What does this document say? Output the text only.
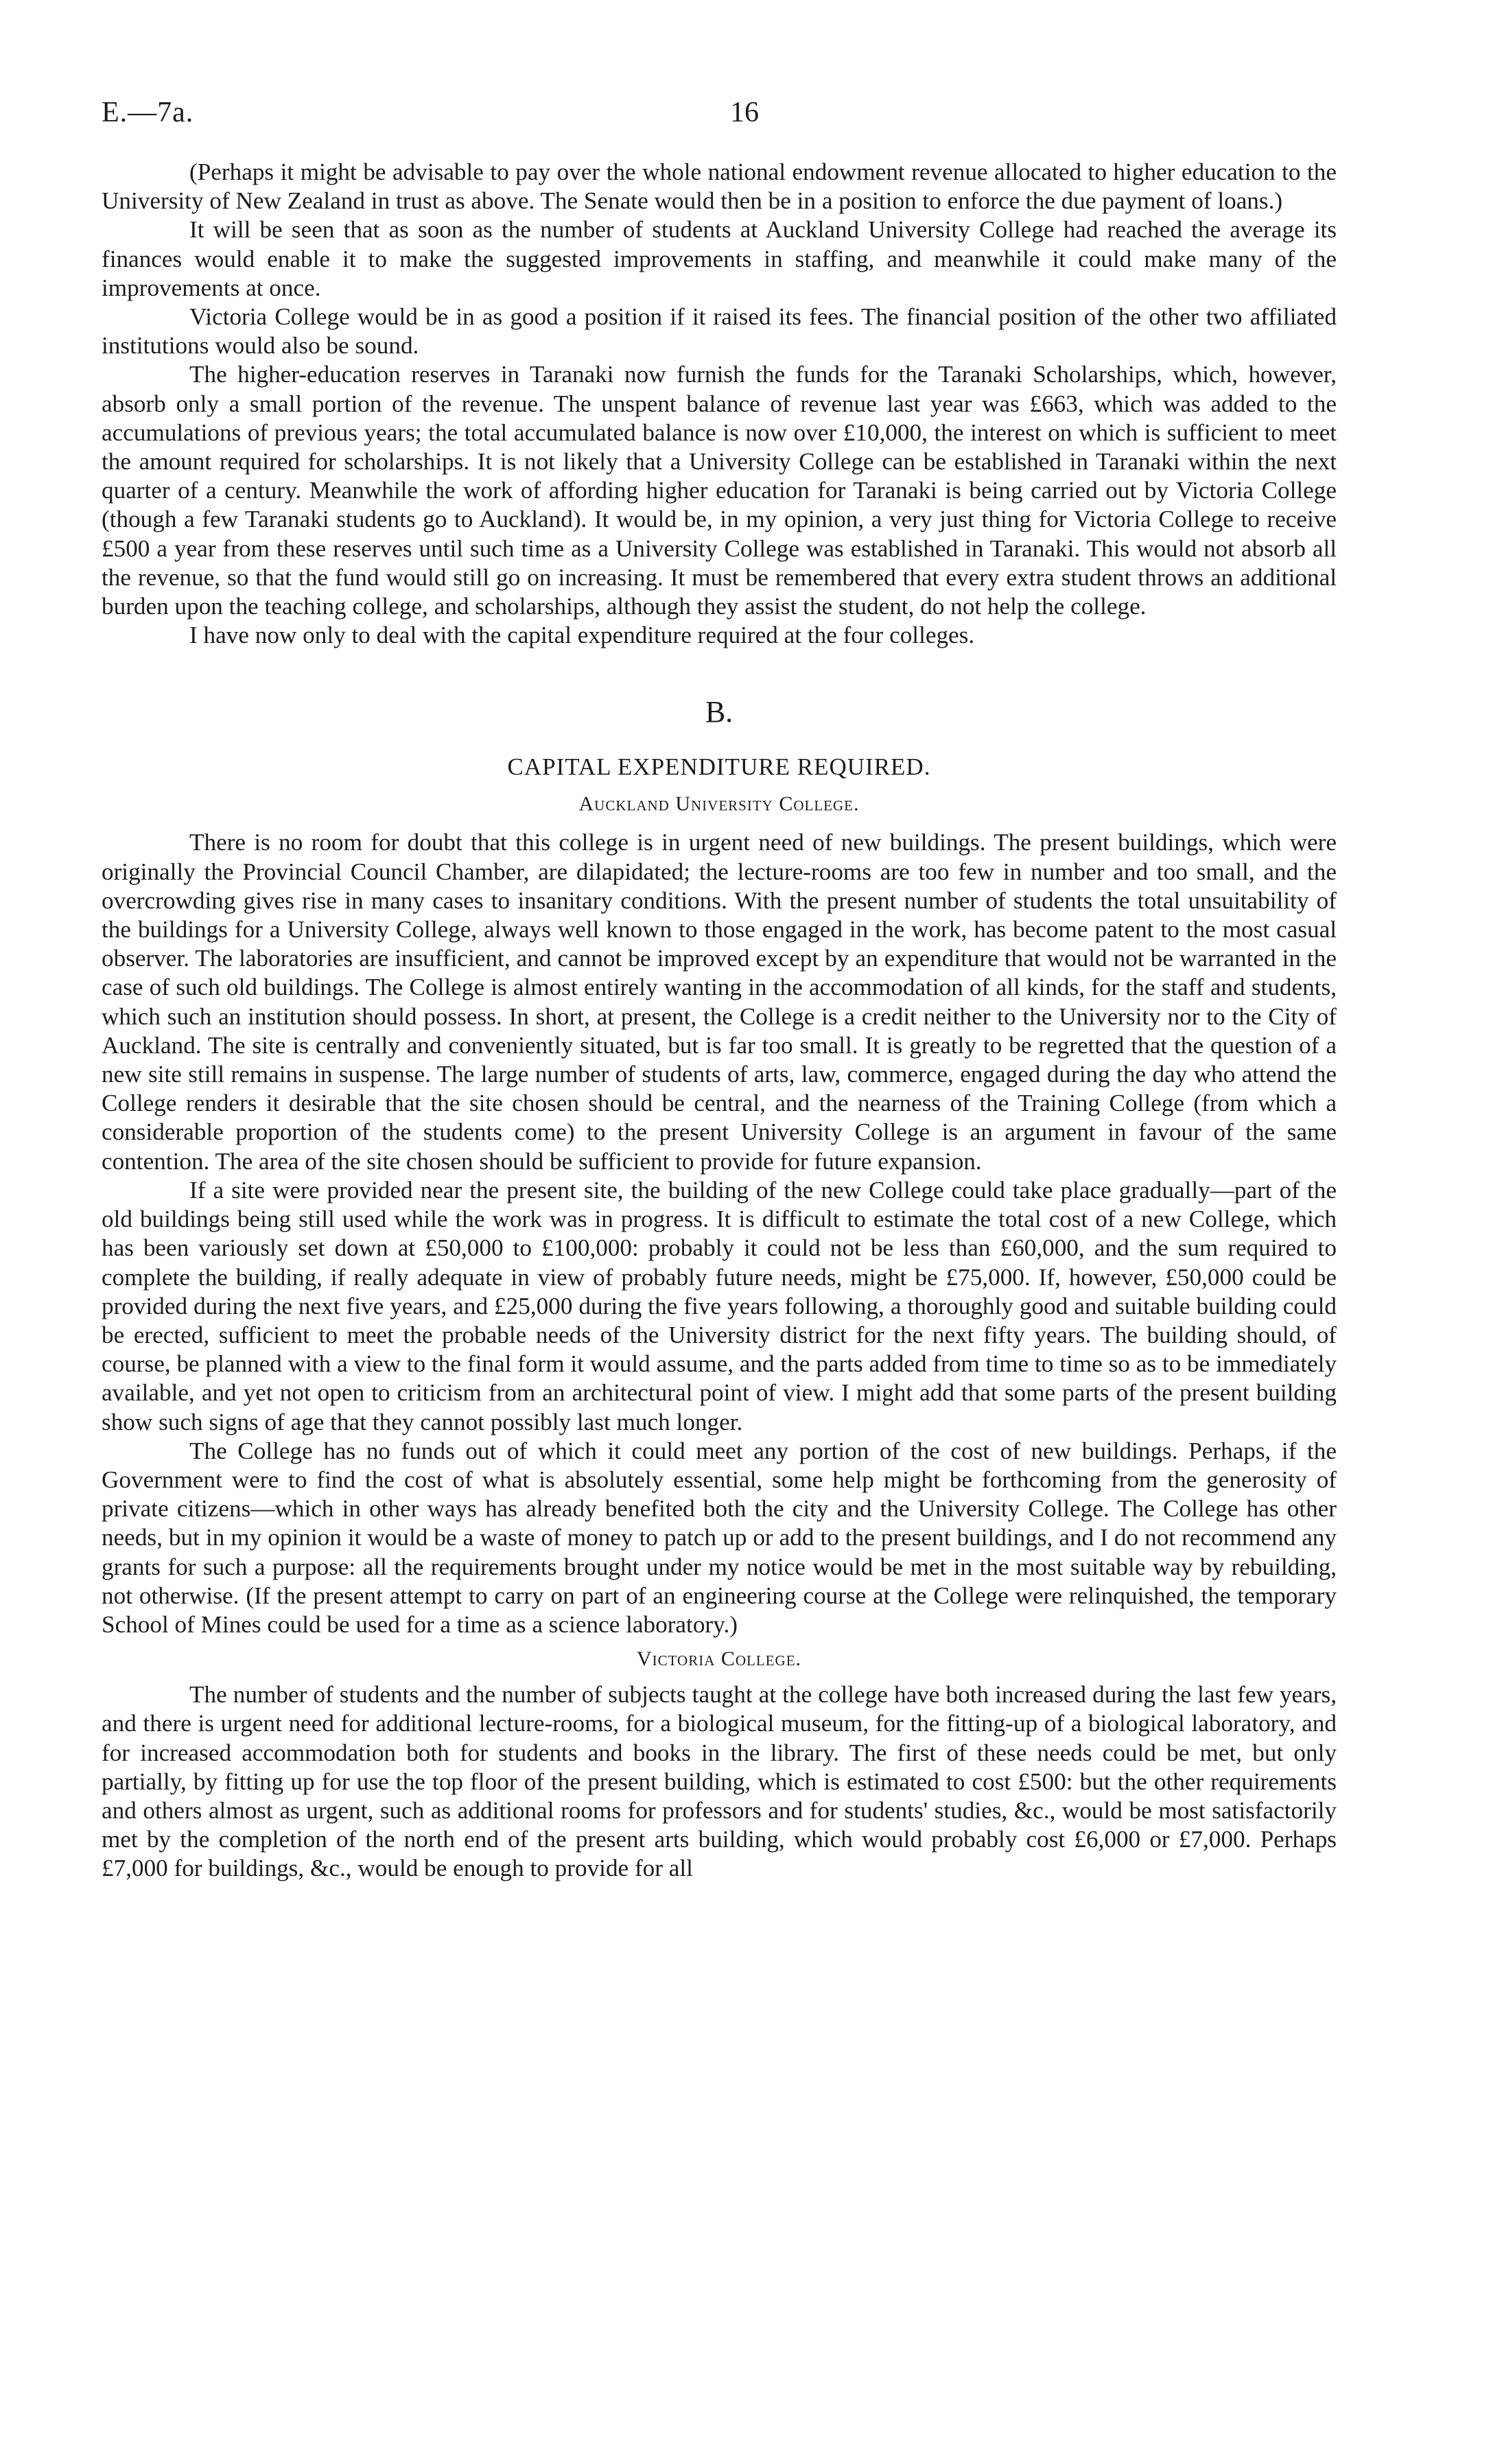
E.—7a.	16

(Perhaps it might be advisable to pay over the whole national endowment revenue allocated to higher education to the University of New Zealand in trust as above. The Senate would then be in a position to enforce the due payment of loans.)

It will be seen that as soon as the number of students at Auckland University College had reached the average its finances would enable it to make the suggested improvements in staffing, and meanwhile it could make many of the improvements at once.

Victoria College would be in as good a position if it raised its fees. The financial position of the other two affiliated institutions would also be sound.

The higher-education reserves in Taranaki now furnish the funds for the Taranaki Scholarships, which, however, absorb only a small portion of the revenue. The unspent balance of revenue last year was £663, which was added to the accumulations of previous years; the total accumulated balance is now over £10,000, the interest on which is sufficient to meet the amount required for scholarships. It is not likely that a University College can be established in Taranaki within the next quarter of a century. Meanwhile the work of affording higher education for Taranaki is being carried out by Victoria College (though a few Taranaki students go to Auckland). It would be, in my opinion, a very just thing for Victoria College to receive £500 a year from these reserves until such time as a University College was established in Taranaki. This would not absorb all the revenue, so that the fund would still go on increasing. It must be remembered that every extra student throws an additional burden upon the teaching college, and scholarships, although they assist the student, do not help the college.

I have now only to deal with the capital expenditure required at the four colleges.

B.
CAPITAL EXPENDITURE REQUIRED.
Auckland University College.

There is no room for doubt that this college is in urgent need of new buildings. The present buildings, which were originally the Provincial Council Chamber, are dilapidated; the lecture-rooms are too few in number and too small, and the overcrowding gives rise in many cases to insanitary conditions. With the present number of students the total unsuitability of the buildings for a University College, always well known to those engaged in the work, has become patent to the most casual observer. The laboratories are insufficient, and cannot be improved except by an expenditure that would not be warranted in the case of such old buildings. The College is almost entirely wanting in the accommodation of all kinds, for the staff and students, which such an institution should possess. In short, at present, the College is a credit neither to the University nor to the City of Auckland. The site is centrally and conveniently situated, but is far too small. It is greatly to be regretted that the question of a new site still remains in suspense. The large number of students of arts, law, commerce, engaged during the day who attend the College renders it desirable that the site chosen should be central, and the nearness of the Training College (from which a considerable proportion of the students come) to the present University College is an argument in favour of the same contention. The area of the site chosen should be sufficient to provide for future expansion.

If a site were provided near the present site, the building of the new College could take place gradually—part of the old buildings being still used while the work was in progress. It is difficult to estimate the total cost of a new College, which has been variously set down at £50,000 to £100,000: probably it could not be less than £60,000, and the sum required to complete the building, if really adequate in view of probably future needs, might be £75,000. If, however, £50,000 could be provided during the next five years, and £25,000 during the five years following, a thoroughly good and suitable building could be erected, sufficient to meet the probable needs of the University district for the next fifty years. The building should, of course, be planned with a view to the final form it would assume, and the parts added from time to time so as to be immediately available, and yet not open to criticism from an architectural point of view. I might add that some parts of the present building show such signs of age that they cannot possibly last much longer.

The College has no funds out of which it could meet any portion of the cost of new buildings. Perhaps, if the Government were to find the cost of what is absolutely essential, some help might be forthcoming from the generosity of private citizens—which in other ways has already benefited both the city and the University College. The College has other needs, but in my opinion it would be a waste of money to patch up or add to the present buildings, and I do not recommend any grants for such a purpose: all the requirements brought under my notice would be met in the most suitable way by rebuilding, not otherwise. (If the present attempt to carry on part of an engineering course at the College were relinquished, the temporary School of Mines could be used for a time as a science laboratory.)

Victoria College.

The number of students and the number of subjects taught at the college have both increased during the last few years, and there is urgent need for additional lecture-rooms, for a biological museum, for the fitting-up of a biological laboratory, and for increased accommodation both for students and books in the library. The first of these needs could be met, but only partially, by fitting up for use the top floor of the present building, which is estimated to cost £500: but the other requirements and others almost as urgent, such as additional rooms for professors and for students' studies, &c., would be most satisfactorily met by the completion of the north end of the present arts building, which would probably cost £6,000 or £7,000. Perhaps £7,000 for buildings, &c., would be enough to provide for all
